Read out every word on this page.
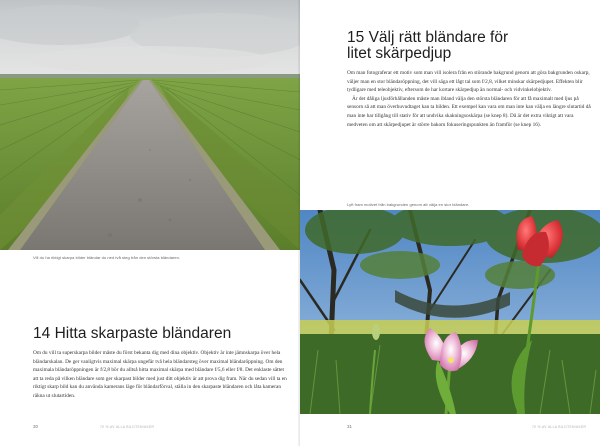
Vill du ha riktigt skarpa bilder bländar du ned två steg från den största bländaren.
14 Hitta skarpaste bländaren

Om du vill ta superskarpa bilder måste du först bekanta dig med dina objektiv. Objektiv är inte jämnskarpa över hela bländarskalan. De ger vanligtvis maximal skärpa ungefär två hela bländarsteg över maximal bländaröppning. Om den maximala bländaröppningen är f/2,8 bör du alltså hitta maximal skärpa med bländare f/5,6 eller f/8. Det enklaste sättet att ta reda på vilken bländare som ger skarpast bilder med just ditt objektiv är att prova dig fram. När du sedan vill ta en riktigt skarp bild kan du använda kamerans läge för bländarförval, ställa in den skarpaste bländaren och låta kameran räkna ut slutartiden.

30	70 % AV ALLA BILDTEKNIKER
15 Välj rätt bländare för
litet skärpedjup

Om man fotograferar ett motiv som man vill isolera från en störande bakgrund genom att göra bakgrunden oskarp, väljer man en stor bländaröppning, det vill säga ett lågt tal som f/2,8, vilket minskar skärpedjupet. Effekten blir tydligare med teleobjektiv, eftersom de har kortare skärpedjup än normal- och vidvinkelobjektiv.

Är det dåliga ljusförhållanden måste man ibland välja den största bländaren för att få maximalt med ljus på sensorn så att man överhuvudtaget kan ta bilden. Ett exempel kan vara om man inte kan välja en längre slutartid då man inte har tillgång till stativ för att undvika skakningsoskärpa (se knep 8). Då är det extra viktigt att vara medveten om att skärpedjupet är större bakom fokuseringspunkten än framför (se knep 16).

Lyft fram motivet från bakgrunden genom att välja en stor bländare.
31	70 % AV ALLA BILDTEKNIKER
